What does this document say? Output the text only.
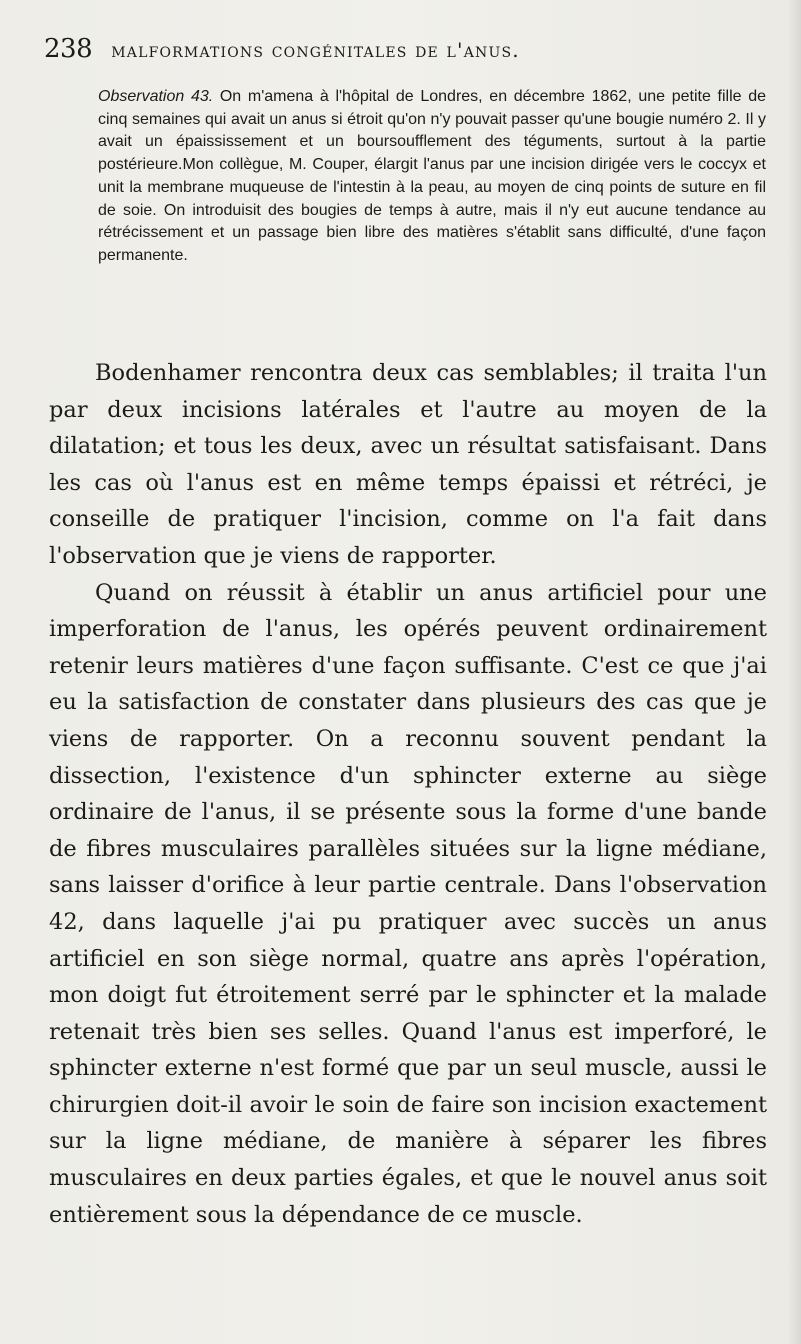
238 malformations congénitales de l'anus.

Observation 43. On m'amena à l'hôpital de Londres, en décembre 1862, une petite fille de cinq semaines qui avait un anus si étroit qu'on n'y pouvait passer qu'une bougie numéro 2. Il y avait un épaississement et un boursoufflement des téguments, surtout à la partie postérieure.Mon collègue, M. Couper, élargit l'anus par une incision dirigée vers le coccyx et unit la membrane muqueuse de l'intestin à la peau, au moyen de cinq points de suture en fil de soie. On introduisit des bougies de temps à autre, mais il n'y eut aucune tendance au rétrécissement et un passage bien libre des matières s'établit sans difficulté, d'une façon permanente.

Bodenhamer rencontra deux cas semblables; il traita l'un par deux incisions latérales et l'autre au moyen de la dilatation; et tous les deux, avec un résultat satisfaisant. Dans les cas où l'anus est en même temps épaissi et rétréci, je conseille de pratiquer l'incision, comme on l'a fait dans l'observation que je viens de rapporter.

Quand on réussit à établir un anus artificiel pour une imperforation de l'anus, les opérés peuvent ordinairement retenir leurs matières d'une façon suffisante. C'est ce que j'ai eu la satisfaction de constater dans plusieurs des cas que je viens de rapporter. On a reconnu souvent pendant la dissection, l'existence d'un sphincter externe au siège ordinaire de l'anus, il se présente sous la forme d'une bande de fibres musculaires parallèles situées sur la ligne médiane, sans laisser d'orifice à leur partie centrale. Dans l'observation 42, dans laquelle j'ai pu pratiquer avec succès un anus artificiel en son siège normal, quatre ans après l'opération, mon doigt fut étroitement serré par le sphincter et la malade retenait très bien ses selles. Quand l'anus est imperforé, le sphincter externe n'est formé que par un seul muscle, aussi le chirurgien doit-il avoir le soin de faire son incision exactement sur la ligne médiane, de manière à séparer les fibres musculaires en deux parties égales, et que le nouvel anus soit entièrement sous la dépendance de ce muscle.
